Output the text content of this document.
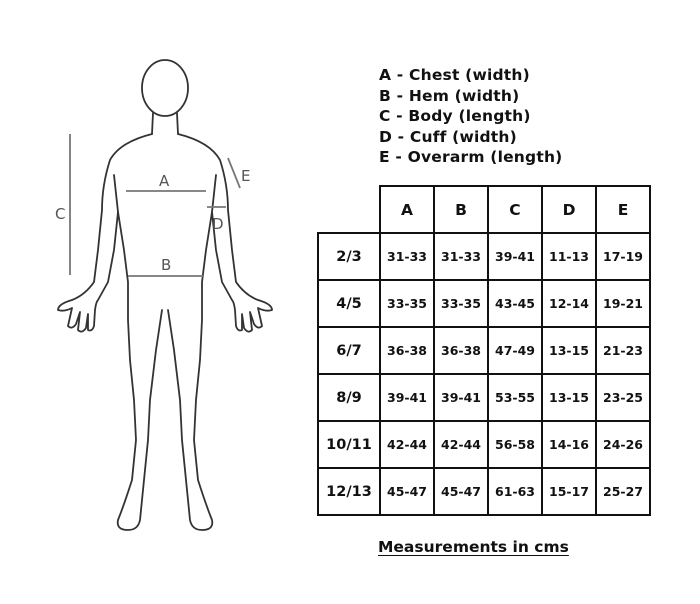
A
B
C
D
E
A - Chest (width)
B - Hem (width)
C - Body (length)
D - Cuff (width)
E - Overarm (length)
	A	B	C	D	E
2/3	31-33	31-33	39-41	11-13	17-19
4/5	33-35	33-35	43-45	12-14	19-21
6/7	36-38	36-38	47-49	13-15	21-23
8/9	39-41	39-41	53-55	13-15	23-25
10/11	42-44	42-44	56-58	14-16	24-26
12/13	45-47	45-47	61-63	15-17	25-27
Measurements in cms
